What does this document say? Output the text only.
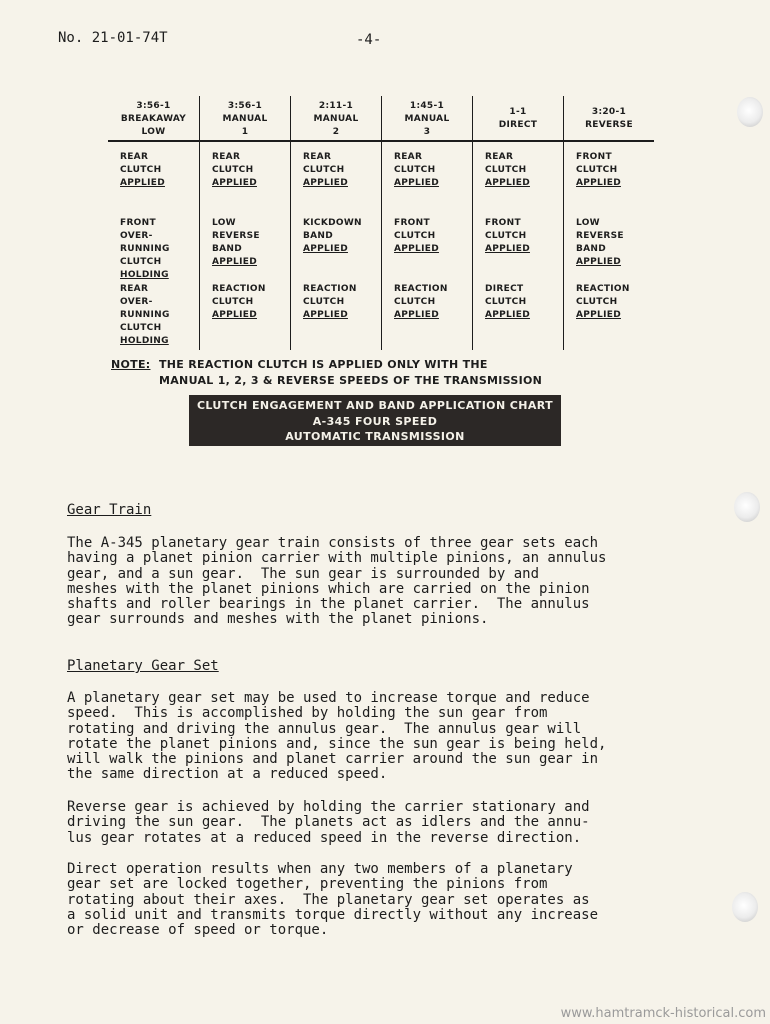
No. 21-01-74T	-4-
3:56-1
BREAKAWAY
LOW
3:56-1
MANUAL
1
2:11-1
MANUAL
2
1:45-1
MANUAL
3
1-1
DIRECT
3:20-1
REVERSE
REAR
CLUTCH
APPLIED
FRONT
OVER-
RUNNING
CLUTCH
HOLDING
REAR
OVER-
RUNNING
CLUTCH
HOLDING
REAR
CLUTCH
APPLIED
LOW
REVERSE
BAND
APPLIED
REACTION
CLUTCH
APPLIED
REAR
CLUTCH
APPLIED
KICKDOWN
BAND
APPLIED
REACTION
CLUTCH
APPLIED
REAR
CLUTCH
APPLIED
FRONT
CLUTCH
APPLIED
REACTION
CLUTCH
APPLIED
REAR
CLUTCH
APPLIED
FRONT
CLUTCH
APPLIED
DIRECT
CLUTCH
APPLIED
FRONT
CLUTCH
APPLIED
LOW
REVERSE
BAND
APPLIED
REACTION
CLUTCH
APPLIED
NOTE: THE REACTION CLUTCH IS APPLIED ONLY WITH THE
MANUAL 1, 2, 3 & REVERSE SPEEDS OF THE TRANSMISSION
CLUTCH ENGAGEMENT AND BAND APPLICATION CHART
A-345 FOUR SPEED
AUTOMATIC TRANSMISSION
Gear Train
The A-345 planetary gear train consists of three gear sets each
having a planet pinion carrier with multiple pinions, an annulus
gear, and a sun gear.  The sun gear is surrounded by and
meshes with the planet pinions which are carried on the pinion
shafts and roller bearings in the planet carrier.  The annulus
gear surrounds and meshes with the planet pinions.
Planetary Gear Set
A planetary gear set may be used to increase torque and reduce
speed.  This is accomplished by holding the sun gear from
rotating and driving the annulus gear.  The annulus gear will
rotate the planet pinions and, since the sun gear is being held,
will walk the pinions and planet carrier around the sun gear in
the same direction at a reduced speed.
Reverse gear is achieved by holding the carrier stationary and
driving the sun gear.  The planets act as idlers and the annu-
lus gear rotates at a reduced speed in the reverse direction.
Direct operation results when any two members of a planetary
gear set are locked together, preventing the pinions from
rotating about their axes.  The planetary gear set operates as
a solid unit and transmits torque directly without any increase
or decrease of speed or torque.
www.hamtramck-historical.com
